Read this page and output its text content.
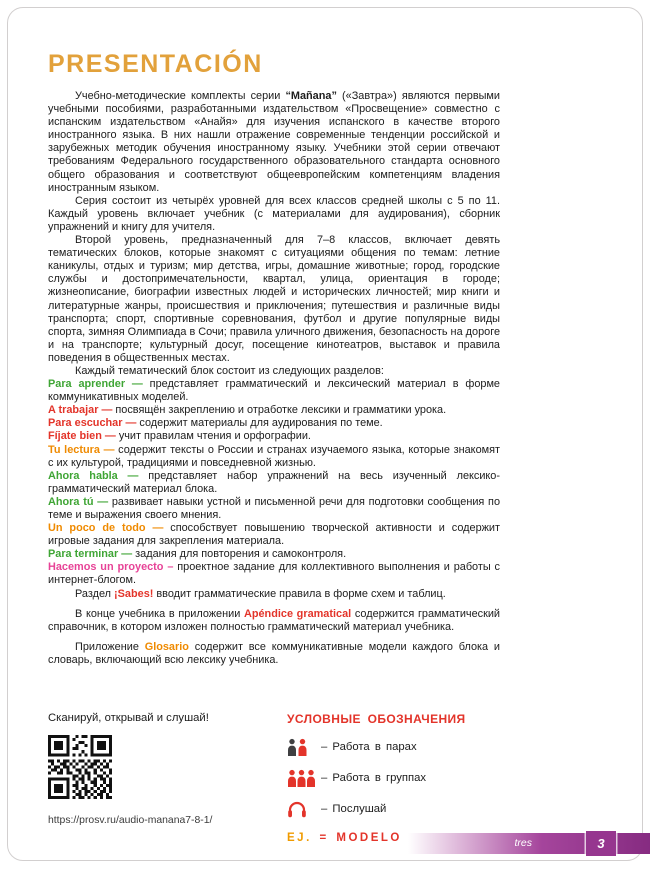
PRESENTACIÓN

Учебно-методические комплекты серии “Mañana” («Завтра») являются первыми учебными пособиями, разработанными издательством «Просвещение» совместно с испанским издательством «Анайя» для изучения испанского в качестве второго иностранного языка. В них нашли отражение современные тенденции российской и зарубежных методик обучения иностранному языку. Учебники этой серии отвечают требованиям Федерального государственного образовательного стандарта основного общего образования и соответствуют общеевропейским компетенциям владения иностранным языком.

Серия состоит из четырёх уровней для всех классов средней школы с 5 по 11. Каждый уровень включает учебник (с материалами для аудирования), сборник упражнений и книгу для учителя.

Второй уровень, предназначенный для 7–8 классов, включает девять тематических блоков, которые знакомят с ситуациями общения по темам: летние каникулы, отдых и туризм; мир детства, игры, домашние животные; город, городские службы и достопримечательности, квартал, улица, ориентация в городе; жизнеописание, биографии известных людей и исторических личностей; мир книги и литературные жанры, происшествия и приключения; путешествия и различные виды транспорта; спорт, спортивные соревнования, футбол и другие популярные виды спорта, зимняя Олимпиада в Сочи; правила уличного движения, безопасность на дороге и на транспорте; культурный досуг, посещение кинотеатров, выставок и правила поведения в общественных местах.

Каждый тематический блок состоит из следующих разделов:

Para aprender — представляет грамматический и лексический материал в форме коммуникативных моделей.

A trabajar — посвящён закреплению и отработке лексики и грамматики урока.

Para escuchar — содержит материалы для аудирования по теме.

Fíjate bien — учит правилам чтения и орфографии.

Tu lectura — содержит тексты о России и странах изучаемого языка, которые знакомят с их культурой, традициями и повседневной жизнью.

Ahora habla — представляет набор упражнений на весь изученный лексико-грамматический материал блока.

Ahora tú — развивает навыки устной и письменной речи для подготовки сообщения по теме и выражения своего мнения.

Un poco de todo — способствует повышению творческой активности и содержит игровые задания для закрепления материала.

Para terminar — задания для повторения и самоконтроля.

Hacemos un proyecto – проектное задание для коллективного выполнения и работы с интернет-блогом.

Раздел ¡Sabes! вводит грамматические правила в форме схем и таблиц.

В конце учебника в приложении Apéndice gramatical содержится грамматический справочник, в котором изложен полностью грамматический материал учебника.

Приложение Glosario содержит все коммуникативные модели каждого блока и словарь, включающий всю лексику учебника.

Сканируй, открывай и слушай!
https://prosv.ru/audio-manana7-8-1/
УСЛОВНЫЕ ОБОЗНАЧЕНИЯ
– Работа в парах
– Работа в группах
– Послушай
EJ. = MODELO	tres	3
